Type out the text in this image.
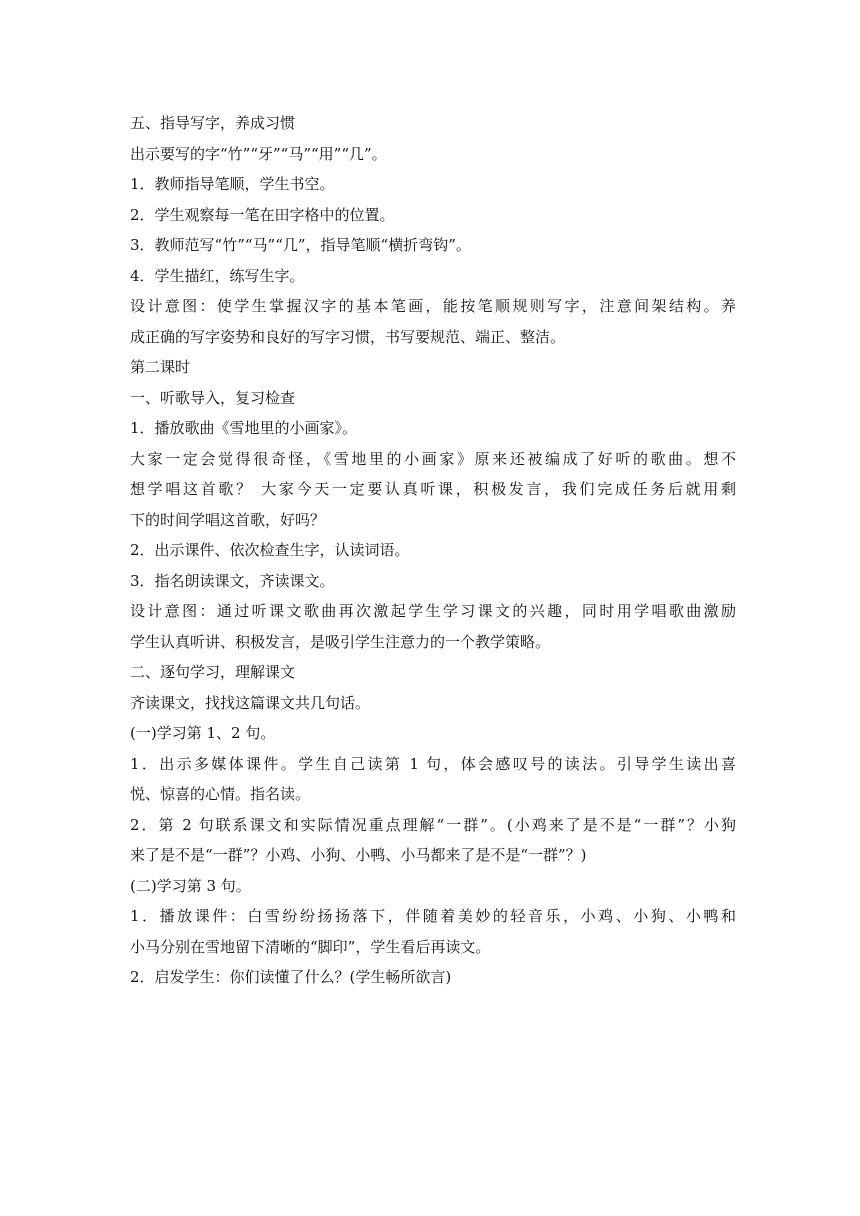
五、指导写字，养成习惯

出示要写的字“竹”“牙”“马”“用”“几”。

1．教师指导笔顺，学生书空。

2．学生观察每一笔在田字格中的位置。

3．教师范写“竹”“马”“几”，指导笔顺“横折弯钩”。

4．学生描红，练写生字。

设计意图：使学生掌握汉字的基本笔画，能按笔顺规则写字，注意间架结构。养

成正确的写字姿势和良好的写字习惯，书写要规范、端正、整洁。

第二课时

一、听歌导入，复习检查

1．播放歌曲《雪地里的小画家》。

大家一定会觉得很奇怪，《雪地里的小画家》原来还被编成了好听的歌曲。想不

想学唱这首歌？ 大家今天一定要认真听课，积极发言，我们完成任务后就用剩

下的时间学唱这首歌，好吗？

2．出示课件、依次检查生字，认读词语。

3．指名朗读课文，齐读课文。

设计意图：通过听课文歌曲再次激起学生学习课文的兴趣，同时用学唱歌曲激励

学生认真听讲、积极发言，是吸引学生注意力的一个教学策略。

二、逐句学习，理解课文

齐读课文，找找这篇课文共几句话。

(一)学习第 1、2 句。

1．出示多媒体课件。学生自己读第 1 句，体会感叹号的读法。引导学生读出喜

悦、惊喜的心情。指名读。

2．第 2 句联系课文和实际情况重点理解“一群”。(小鸡来了是不是“一群”？小狗

来了是不是“一群”？小鸡、小狗、小鸭、小马都来了是不是“一群”？)

(二)学习第 3 句。

1．播放课件：白雪纷纷扬扬落下，伴随着美妙的轻音乐，小鸡、小狗、小鸭和

小马分别在雪地留下清晰的“脚印”，学生看后再读文。

2．启发学生：你们读懂了什么？(学生畅所欲言)
